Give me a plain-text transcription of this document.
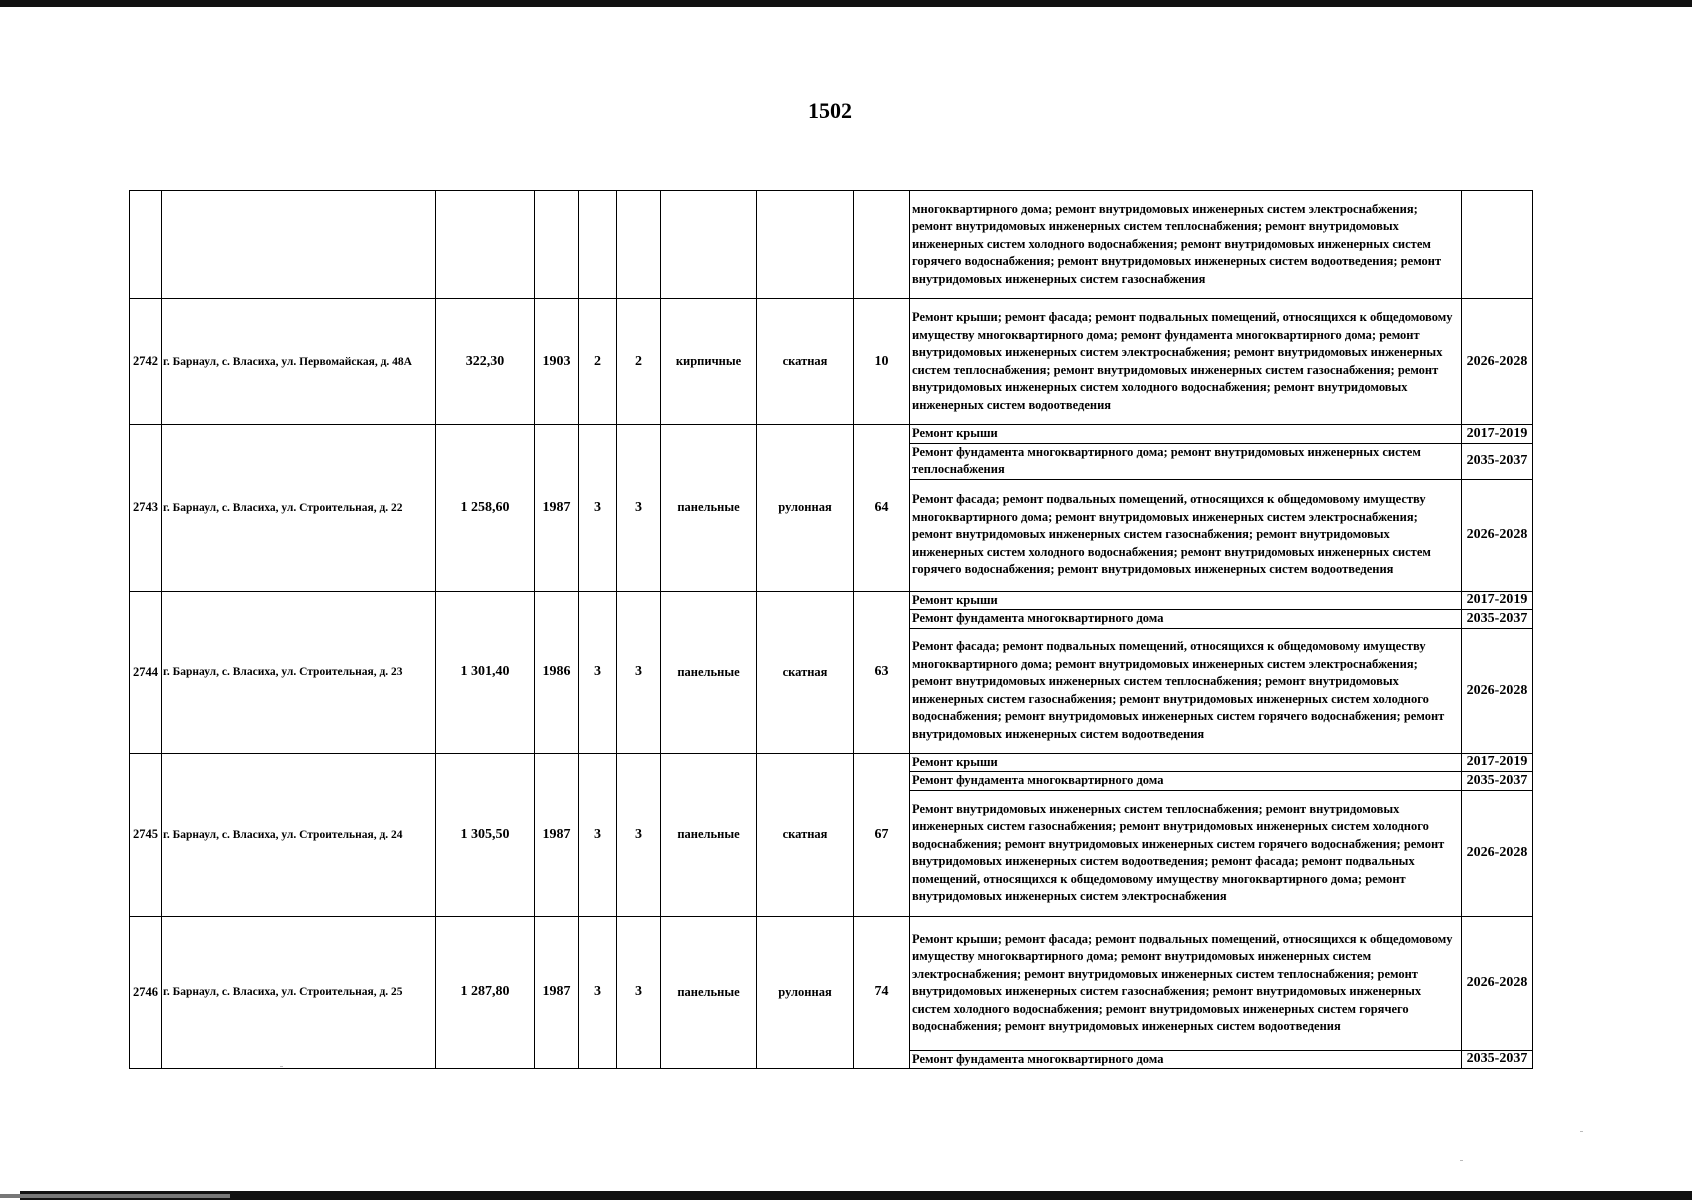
1502
									многоквартирного дома; ремонт внутридомовых инженерных систем электроснабжения; ремонт внутридомовых инженерных систем теплоснабжения; ремонт внутридомовых инженерных систем холодного водоснабжения; ремонт внутридомовых инженерных систем горячего водоснабжения; ремонт внутридомовых инженерных систем водоотведения; ремонт внутридомовых инженерных систем газоснабжения	
2742	г. Барнаул, с. Власиха, ул. Первомайская, д. 48А	322,30	1903	2	2	кирпичные	скатная	10	Ремонт крыши; ремонт фасада; ремонт подвальных помещений, относящихся к общедомовому имуществу многоквартирного дома; ремонт фундамента многоквартирного дома; ремонт внутридомовых инженерных систем электроснабжения; ремонт внутридомовых инженерных систем теплоснабжения; ремонт внутридомовых инженерных систем газоснабжения; ремонт внутридомовых инженерных систем холодного водоснабжения; ремонт внутридомовых инженерных систем водоотведения	2026-2028
2743	г. Барнаул, с. Власиха, ул. Строительная, д. 22	1 258,60	1987	3	3	панельные	рулонная	64	Ремонт крыши	2017-2019
									Ремонт фундамента многоквартирного дома; ремонт внутридомовых инженерных систем теплоснабжения	2035-2037
									Ремонт фасада; ремонт подвальных помещений, относящихся к общедомовому имуществу многоквартирного дома; ремонт внутридомовых инженерных систем электроснабжения; ремонт внутридомовых инженерных систем газоснабжения; ремонт внутридомовых инженерных систем холодного водоснабжения; ремонт внутридомовых инженерных систем горячего водоснабжения; ремонт внутридомовых инженерных систем водоотведения	2026-2028
2744	г. Барнаул, с. Власиха, ул. Строительная, д. 23	1 301,40	1986	3	3	панельные	скатная	63	Ремонт крыши	2017-2019
									Ремонт фундамента многоквартирного дома	2035-2037
									Ремонт фасада; ремонт подвальных помещений, относящихся к общедомовому имуществу многоквартирного дома; ремонт внутридомовых инженерных систем электроснабжения; ремонт внутридомовых инженерных систем теплоснабжения; ремонт внутридомовых инженерных систем газоснабжения; ремонт внутридомовых инженерных систем холодного водоснабжения; ремонт внутридомовых инженерных систем горячего водоснабжения; ремонт внутридомовых инженерных систем водоотведения	2026-2028
2745	г. Барнаул, с. Власиха, ул. Строительная, д. 24	1 305,50	1987	3	3	панельные	скатная	67	Ремонт крыши	2017-2019
									Ремонт фундамента многоквартирного дома	2035-2037
									Ремонт внутридомовых инженерных систем теплоснабжения; ремонт внутридомовых инженерных систем газоснабжения; ремонт внутридомовых инженерных систем холодного водоснабжения; ремонт внутридомовых инженерных систем горячего водоснабжения; ремонт внутридомовых инженерных систем водоотведения; ремонт фасада; ремонт подвальных помещений, относящихся к общедомовому имуществу многоквартирного дома; ремонт внутридомовых инженерных систем электроснабжения	2026-2028
2746	г. Барнаул, с. Власиха, ул. Строительная, д. 25	1 287,80	1987	3	3	панельные	рулонная	74	Ремонт крыши; ремонт фасада; ремонт подвальных помещений, относящихся к общедомовому имуществу многоквартирного дома; ремонт внутридомовых инженерных систем электроснабжения; ремонт внутридомовых инженерных систем теплоснабжения; ремонт внутридомовых инженерных систем газоснабжения; ремонт внутридомовых инженерных систем холодного водоснабжения; ремонт внутридомовых инженерных систем горячего водоснабжения; ремонт внутридомовых инженерных систем водоотведения	2026-2028
									Ремонт фундамента многоквартирного дома	2035-2037
